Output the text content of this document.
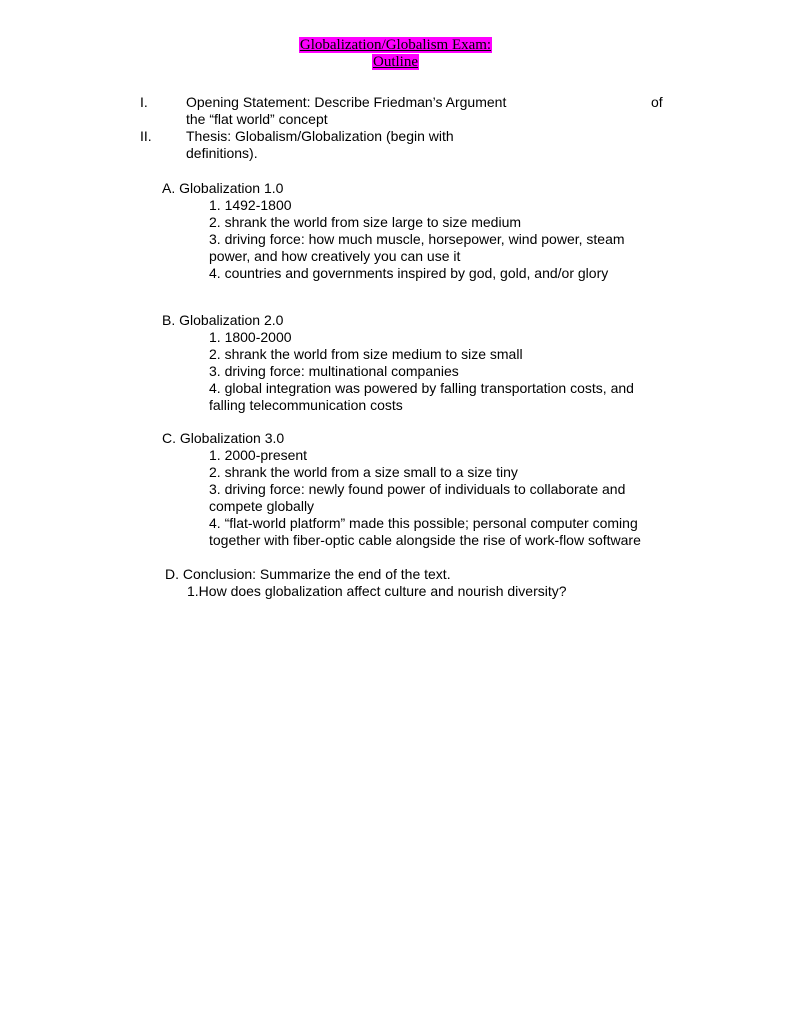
Globalization/Globalism Exam:
Outline
I.	Opening Statement: Describe Friedman’s Argument	of
the “flat world” concept
II. Thesis: Globalism/Globalization (begin with
definitions).
A. Globalization 1.0
1. 1492-1800
2. shrank the world from size large to size medium
3. driving force: how much muscle, horsepower, wind power, steam
power, and how creatively you can use it
4. countries and governments inspired by god, gold, and/or glory
B. Globalization 2.0
1. 1800-2000
2. shrank the world from size medium to size small
3. driving force: multinational companies
4. global integration was powered by falling transportation costs, and
falling telecommunication costs
C. Globalization 3.0
1. 2000-present
2. shrank the world from a size small to a size tiny
3. driving force: newly found power of individuals to collaborate and
compete globally
4. “flat-world platform” made this possible; personal computer coming
together with fiber-optic cable alongside the rise of work-flow software
D. Conclusion: Summarize the end of the text.
1.How does globalization affect culture and nourish diversity?
